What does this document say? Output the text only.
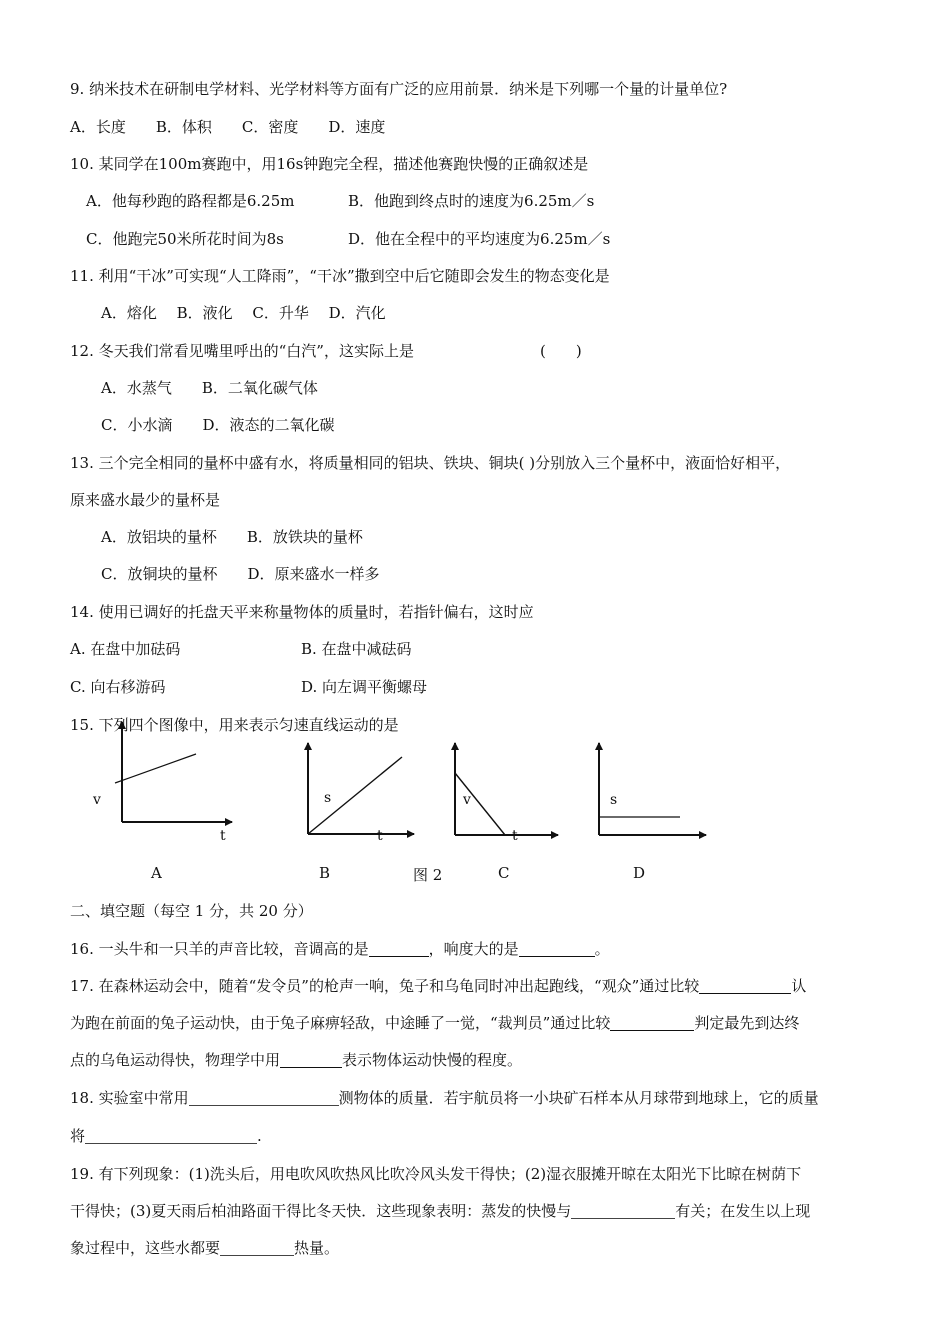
9. 纳米技术在研制电学材料、光学材料等方面有广泛的应用前景．纳米是下列哪一个量的计量单位?
A．长度　　B．体积　　C．密度　　D．速度
10. 某同学在100m赛跑中，用16s钟跑完全程，描述他赛跑快慢的正确叙述是
A．他每秒跑的路程都是6.25m	B．他跑到终点时的速度为6.25m／s
C．他跑完50米所花时间为8s	D．他在全程中的平均速度为6.25m／s
11. 利用“干冰”可实现“人工降雨”，“干冰”撒到空中后它随即会发生的物态变化是
A．熔化　 B．液化　 C．升华　 D．汽化
12. 冬天我们常看见嘴里呼出的“白汽”，这实际上是	(　　)
A．水蒸气　　B．二氧化碳气体
C．小水滴　　D．液态的二氧化碳
13. 三个完全相同的量杯中盛有水，将质量相同的铝块、铁块、铜块( )分别放入三个量杯中，液面恰好相平，
原来盛水最少的量杯是
A．放铝块的量杯　　B．放铁块的量杯
C．放铜块的量杯　　D．原来盛水一样多
14. 使用已调好的托盘天平来称量物体的质量时，若指针偏右，这时应
A. 在盘中加砝码	B. 在盘中减砝码
C. 向右移游码	D. 向左调平衡螺母
15. 下列四个图像中，用来表示匀速直线运动的是
v
t
A
s
t
B	图 2
v
t
C
s
D
二、填空题（每空 1 分，共 20 分）
16. 一头牛和一只羊的声音比较，音调高的是	，响度大的是	。
17. 在森林运动会中，随着“发令员”的枪声一响，兔子和乌龟同时冲出起跑线，“观众”通过比较	认
为跑在前面的兔子运动快，由于兔子麻痹轻敌，中途睡了一觉，“裁判员”通过比较	判定最先到达终
点的乌龟运动得快，物理学中用	表示物体运动快慢的程度。
18. 实验室中常用	测物体的质量．若宇航员将一小块矿石样本从月球带到地球上，它的质量
将	.
19. 有下列现象：(1)洗头后，用电吹风吹热风比吹冷风头发干得快；(2)湿衣服摊开晾在太阳光下比晾在树荫下
干得快；(3)夏天雨后柏油路面干得比冬天快．这些现象表明：蒸发的快慢与	有关；在发生以上现
象过程中，这些水都要	热量。
